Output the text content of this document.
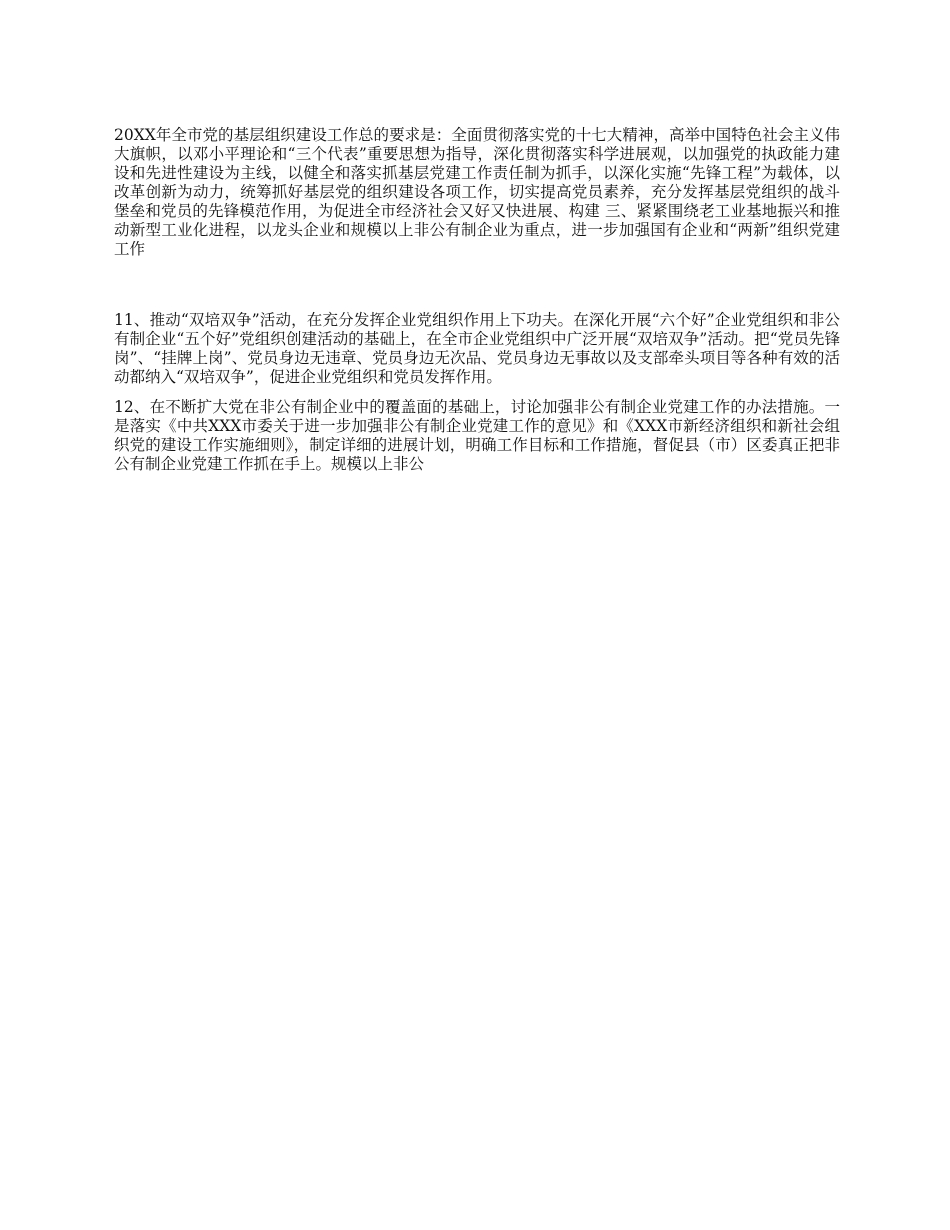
20XX年全市党的基层组织建设工作总的要求是：全面贯彻落实党的十七大精神，高举中国特色社会主义伟大旗帜，以邓小平理论和“三个代表”重要思想为指导，深化贯彻落实科学进展观，以加强党的执政能力建设和先进性建设为主线，以健全和落实抓基层党建工作责任制为抓手，以深化实施“先锋工程”为载体，以改革创新为动力，统筹抓好基层党的组织建设各项工作，切实提高党员素养，充分发挥基层党组织的战斗堡垒和党员的先锋模范作用，为促进全市经济社会又好又快进展、构建 三、紧紧围绕老工业基地振兴和推动新型工业化进程，以龙头企业和规模以上非公有制企业为重点，进一步加强国有企业和“两新”组织党建工作

11、推动“双培双争”活动，在充分发挥企业党组织作用上下功夫。在深化开展“六个好”企业党组织和非公有制企业“五个好”党组织创建活动的基础上，在全市企业党组织中广泛开展“双培双争”活动。把“党员先锋岗”、“挂牌上岗”、党员身边无违章、党员身边无次品、党员身边无事故以及支部牵头项目等各种有效的活动都纳入“双培双争”，促进企业党组织和党员发挥作用。

12、在不断扩大党在非公有制企业中的覆盖面的基础上，讨论加强非公有制企业党建工作的办法措施。一是落实《中共XXX市委关于进一步加强非公有制企业党建工作的意见》和《XXX市新经济组织和新社会组织党的建设工作实施细则》，制定详细的进展计划，明确工作目标和工作措施，督促县（市）区委真正把非公有制企业党建工作抓在手上。规模以上非公
